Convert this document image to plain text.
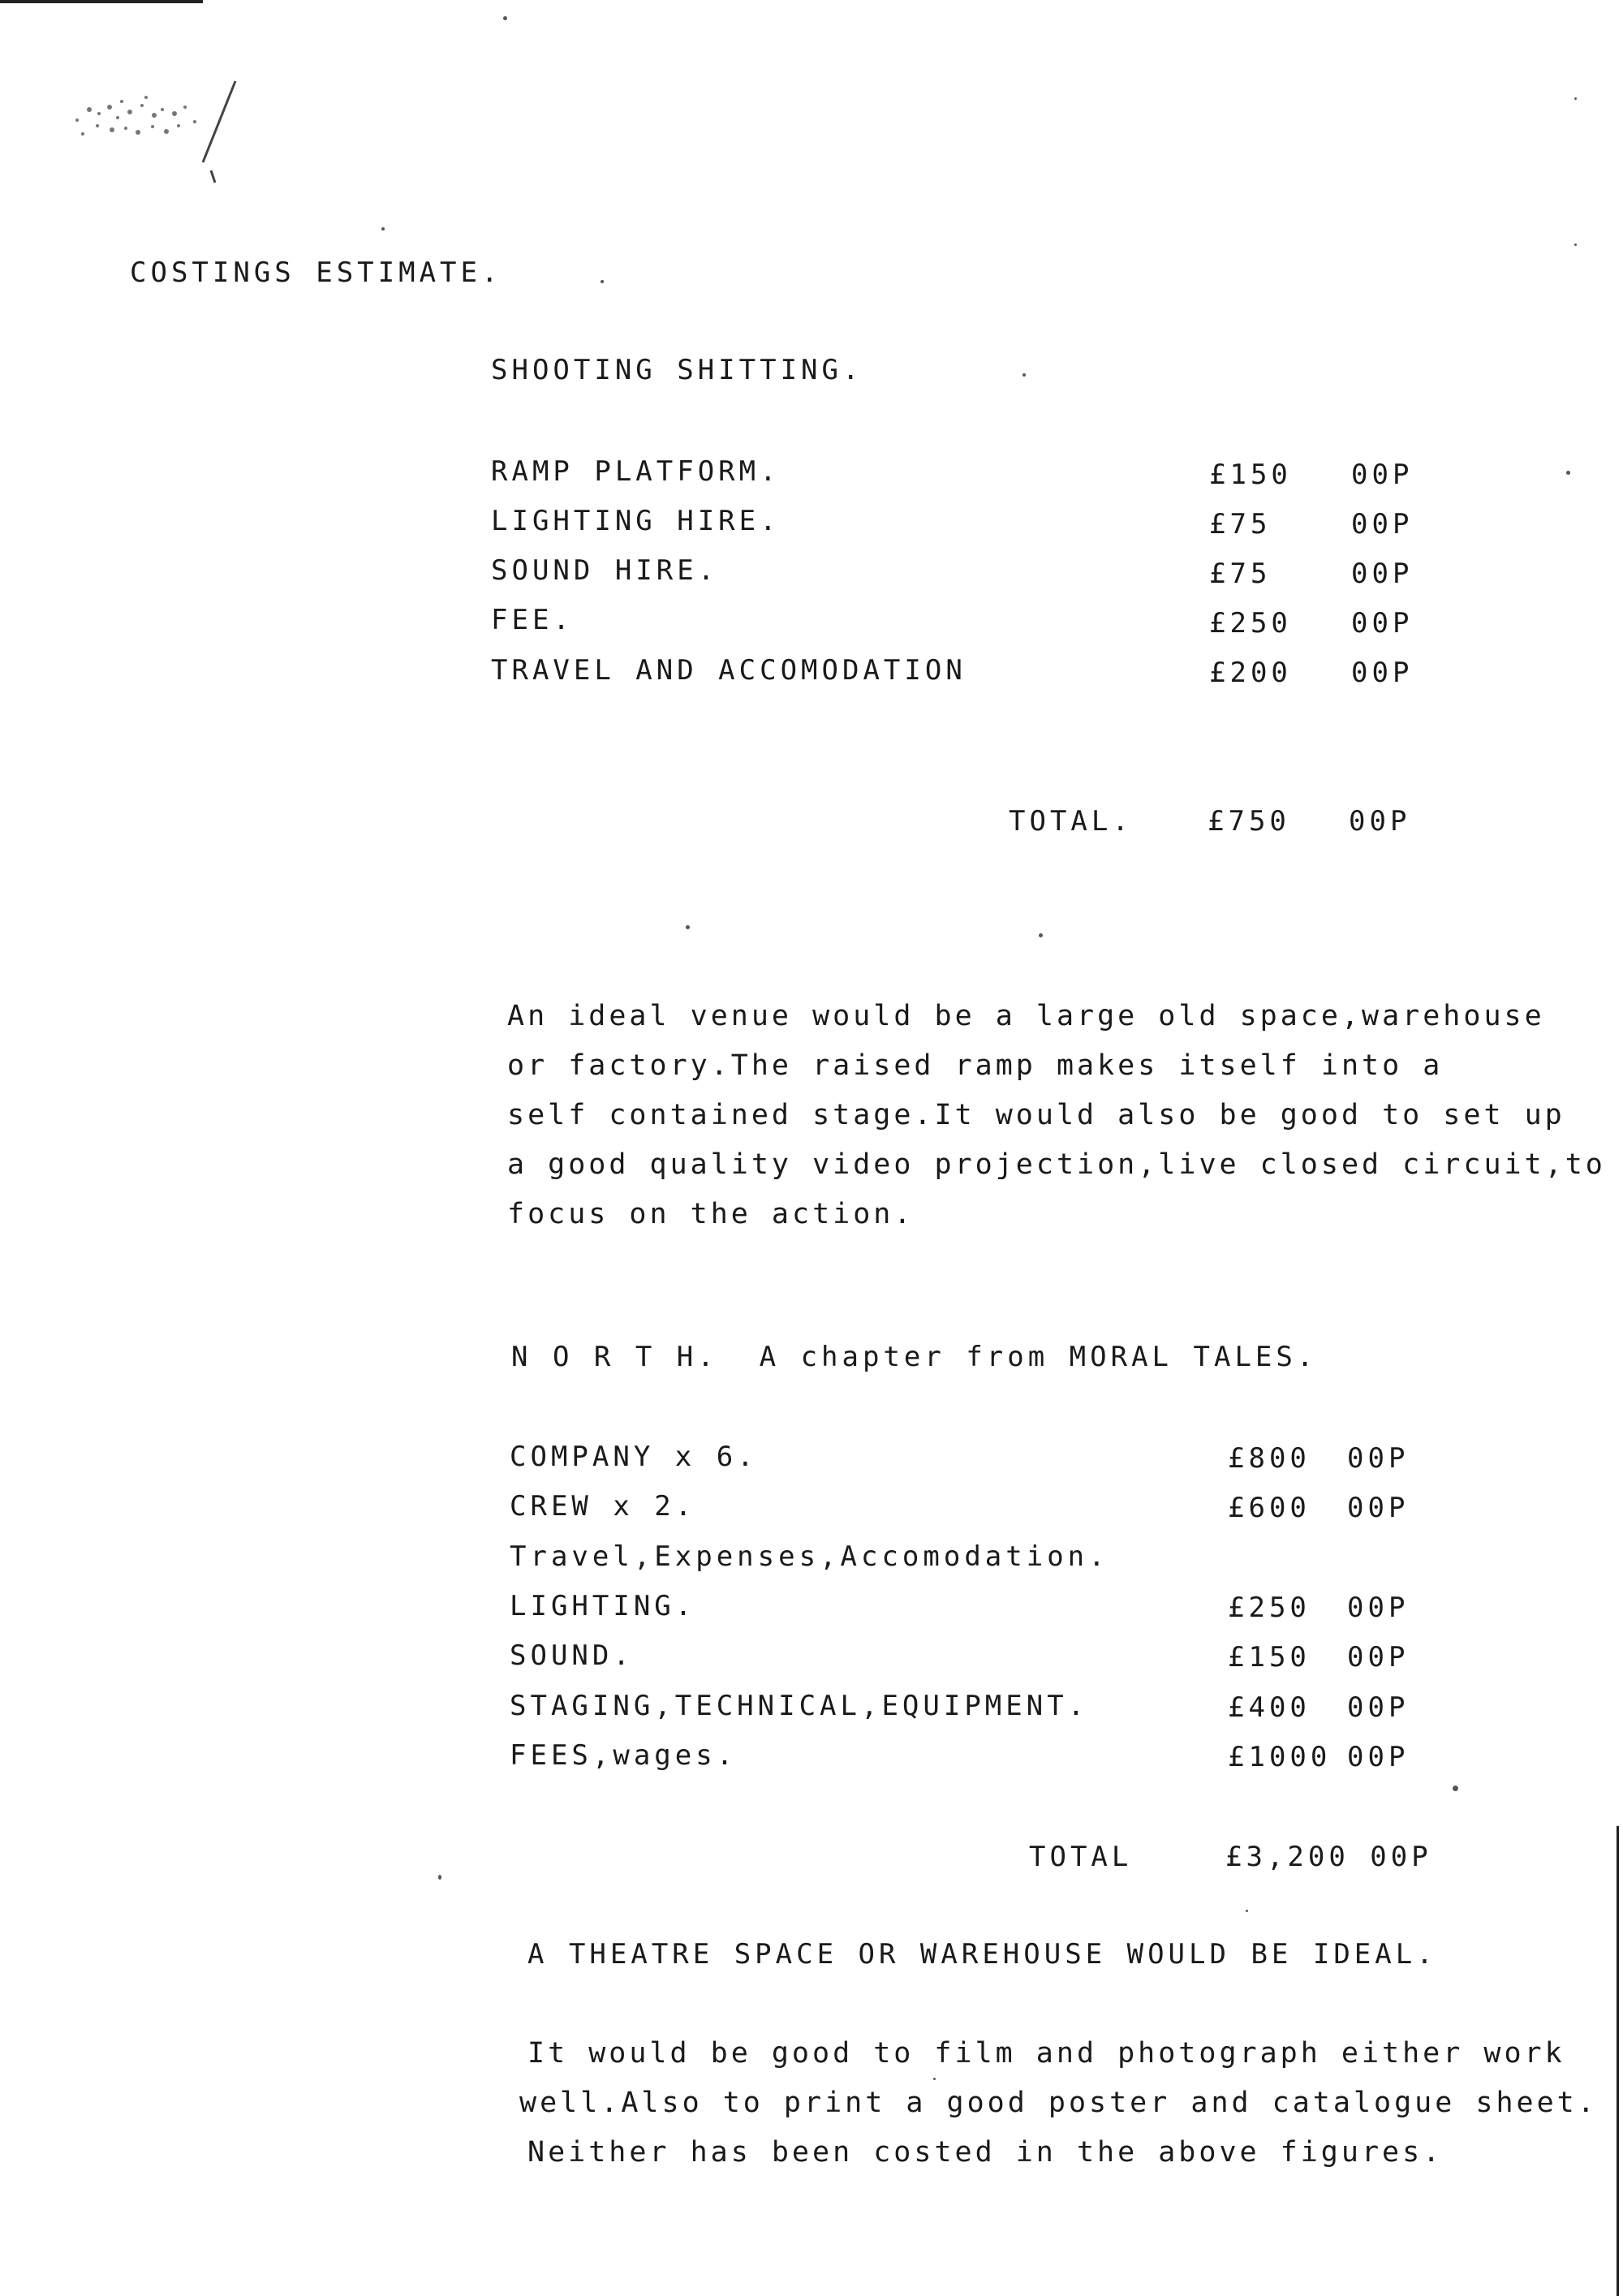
COSTINGS ESTIMATE.
SHOOTING SHITTING.
RAMP PLATFORM.	£150 00P
LIGHTING HIRE.	£75	00P
SOUND HIRE.	£75	00P
FEE.	£250 00P
TRAVEL AND ACCOMODATION	£200 00P
TOTAL.	£750 00P
An ideal venue would be a large old space,warehouse
or factory.The raised ramp makes itself into a
self contained stage.It would also be good to set up
a good quality video projection,live closed circuit,to
focus on the action.
N O R T H.  A chapter from MORAL TALES.
COMPANY x 6.	£800 00P
CREW x 2.	£600 00P
Travel,Expenses,Accomodation.
LIGHTING.	£250 00P
SOUND.	£150 00P
STAGING,TECHNICAL,EQUIPMENT.	£400 00P
FEES,wages.	£1000 00P
TOTAL	£3,200 00P
A THEATRE SPACE OR WAREHOUSE WOULD BE IDEAL.
It would be good to film and photograph either work
well.Also to print a good poster and catalogue sheet.
Neither has been costed in the above figures.
